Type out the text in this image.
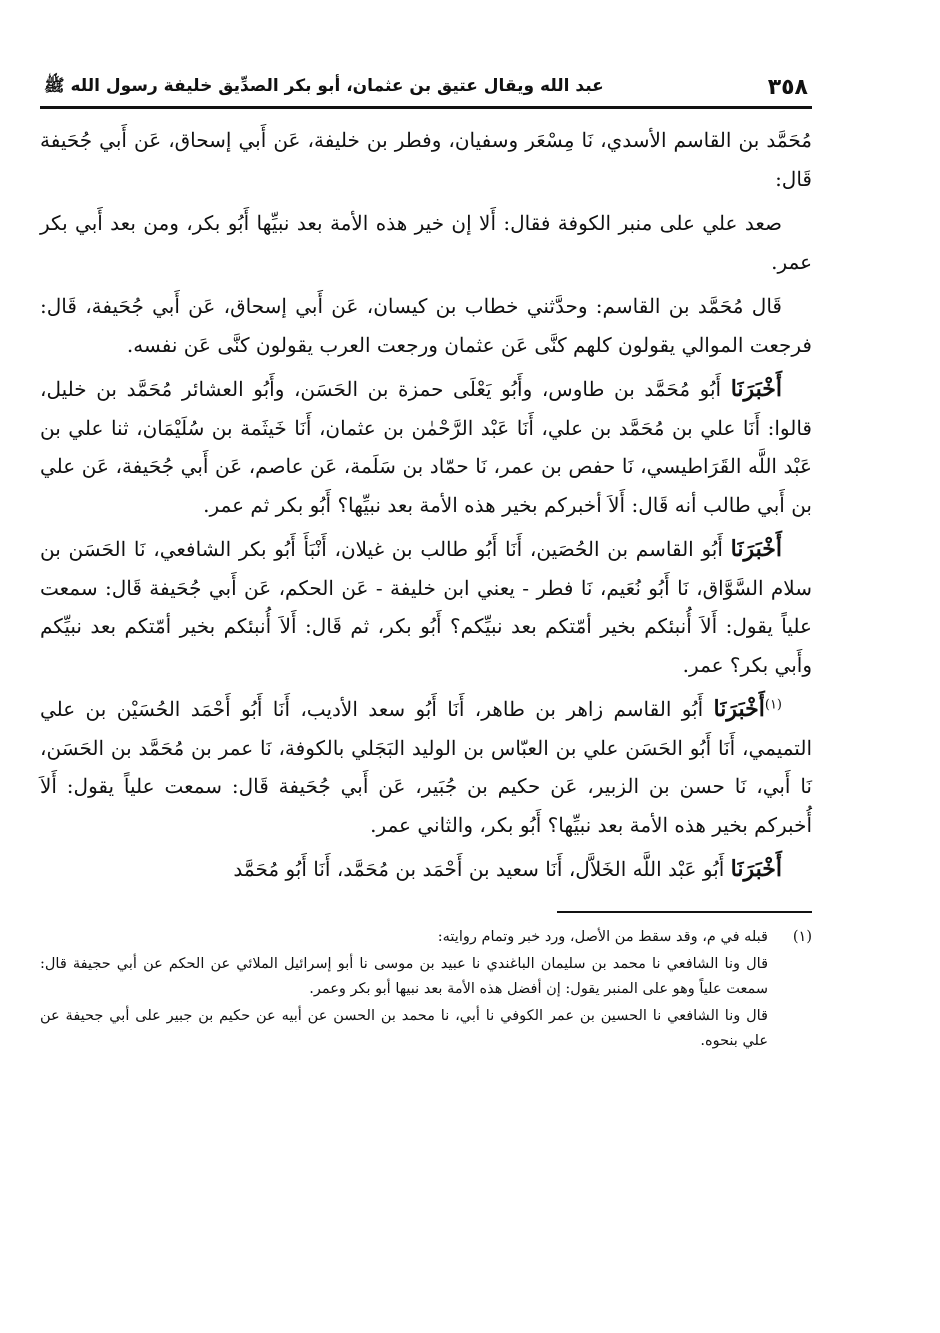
٣٥٨
عبد الله ويقال عتيق بن عثمان، أبو بكر الصدِّيق خليفة رسول الله ﷺ

مُحَمَّد بن القاسم الأسدي، نَا مِسْعَر وسفيان، وفطر بن خليفة، عَن أَبي إسحاق، عَن أَبي جُحَيفة قَال:

صعد علي على منبر الكوفة فقال: أَلا إن خير هذه الأمة بعد نبيِّها أَبُو بكر، ومن بعد أَبي بكر عمر.

قَال مُحَمَّد بن القاسم: وحدَّثني خطاب بن كيسان، عَن أَبي إسحاق، عَن أَبي جُحَيفة، قَال: فرجعت الموالي يقولون كلهم كنَّى عَن عثمان ورجعت العرب يقولون كنَّى عَن نفسه.

أَخْبَرَنَا أَبُو مُحَمَّد بن طاوس، وأَبُو يَعْلَى حمزة بن الحَسَن، وأَبُو العشائر مُحَمَّد بن خليل، قالوا: أَنَا علي بن مُحَمَّد بن علي، أَنَا عَبْد الرَّحْمٰن بن عثمان، أَنَا خَيثَمة بن سُلَيْمَان، ثنا علي بن عَبْد اللَّه القَرَاطيسي، نَا حفص بن عمر، نَا حمّاد بن سَلَمة، عَن عاصم، عَن أَبي جُحَيفة، عَن علي بن أَبي طالب أنه قَال: أَلاَ أخبركم بخير هذه الأمة بعد نبيِّها؟ أَبُو بكر ثم عمر.

أَخْبَرَنَا أَبُو القاسم بن الحُصَين، أَنَا أَبُو طالب بن غيلان، أَنْبَأَ أَبُو بكر الشافعي، نَا الحَسَن بن سلام السَّوَّاق، نَا أَبُو نُعَيم، نَا فطر - يعني ابن خليفة - عَن الحكم، عَن أَبي جُحَيفة قَال: سمعت علياً يقول: أَلاَ أُنبئكم بخير أمّتكم بعد نبيِّكم؟ أَبُو بكر، ثم قَال: أَلاَ أُنبئكم بخير أمّتكم بعد نبيِّكم وأَبي بكر؟ عمر.

$^{(١)}$أَخْبَرَنَا أَبُو القاسم زاهر بن طاهر، أَنَا أَبُو سعد الأديب، أَنَا أَبُو أَحْمَد الحُسَيْن بن علي التميمي، أَنَا أَبُو الحَسَن علي بن العبّاس بن الوليد البَجَلي بالكوفة، نَا عمر بن مُحَمَّد بن الحَسَن، نَا أَبي، نَا حسن بن الزبير، عَن حكيم بن جُبَير، عَن أَبي جُحَيفة قَال: سمعت علياً يقول: أَلاَ أُخبركم بخير هذه الأمة بعد نبيِّها؟ أَبُو بكر، والثاني عمر.

أَخْبَرَنَا أَبُو عَبْد اللَّه الخَلاَّل، أَنَا سعيد بن أَحْمَد بن مُحَمَّد، أَنَا أَبُو مُحَمَّد

(١)

قبله في م، وقد سقط من الأصل، ورد خبر وتمام روايته:

قال ونا الشافعي نا محمد بن سليمان الباغندي نا عبيد بن موسى نا أبو إسرائيل الملائي عن الحكم عن أبي حجيفة قال: سمعت علياً وهو على المنبر يقول: إن أفضل هذه الأمة بعد نبيها أبو بكر وعمر.

قال ونا الشافعي نا الحسين بن عمر الكوفي نا أبي، نا محمد بن الحسن عن أبيه عن حكيم بن جبير على أبي جحيفة عن علي بنحوه.
